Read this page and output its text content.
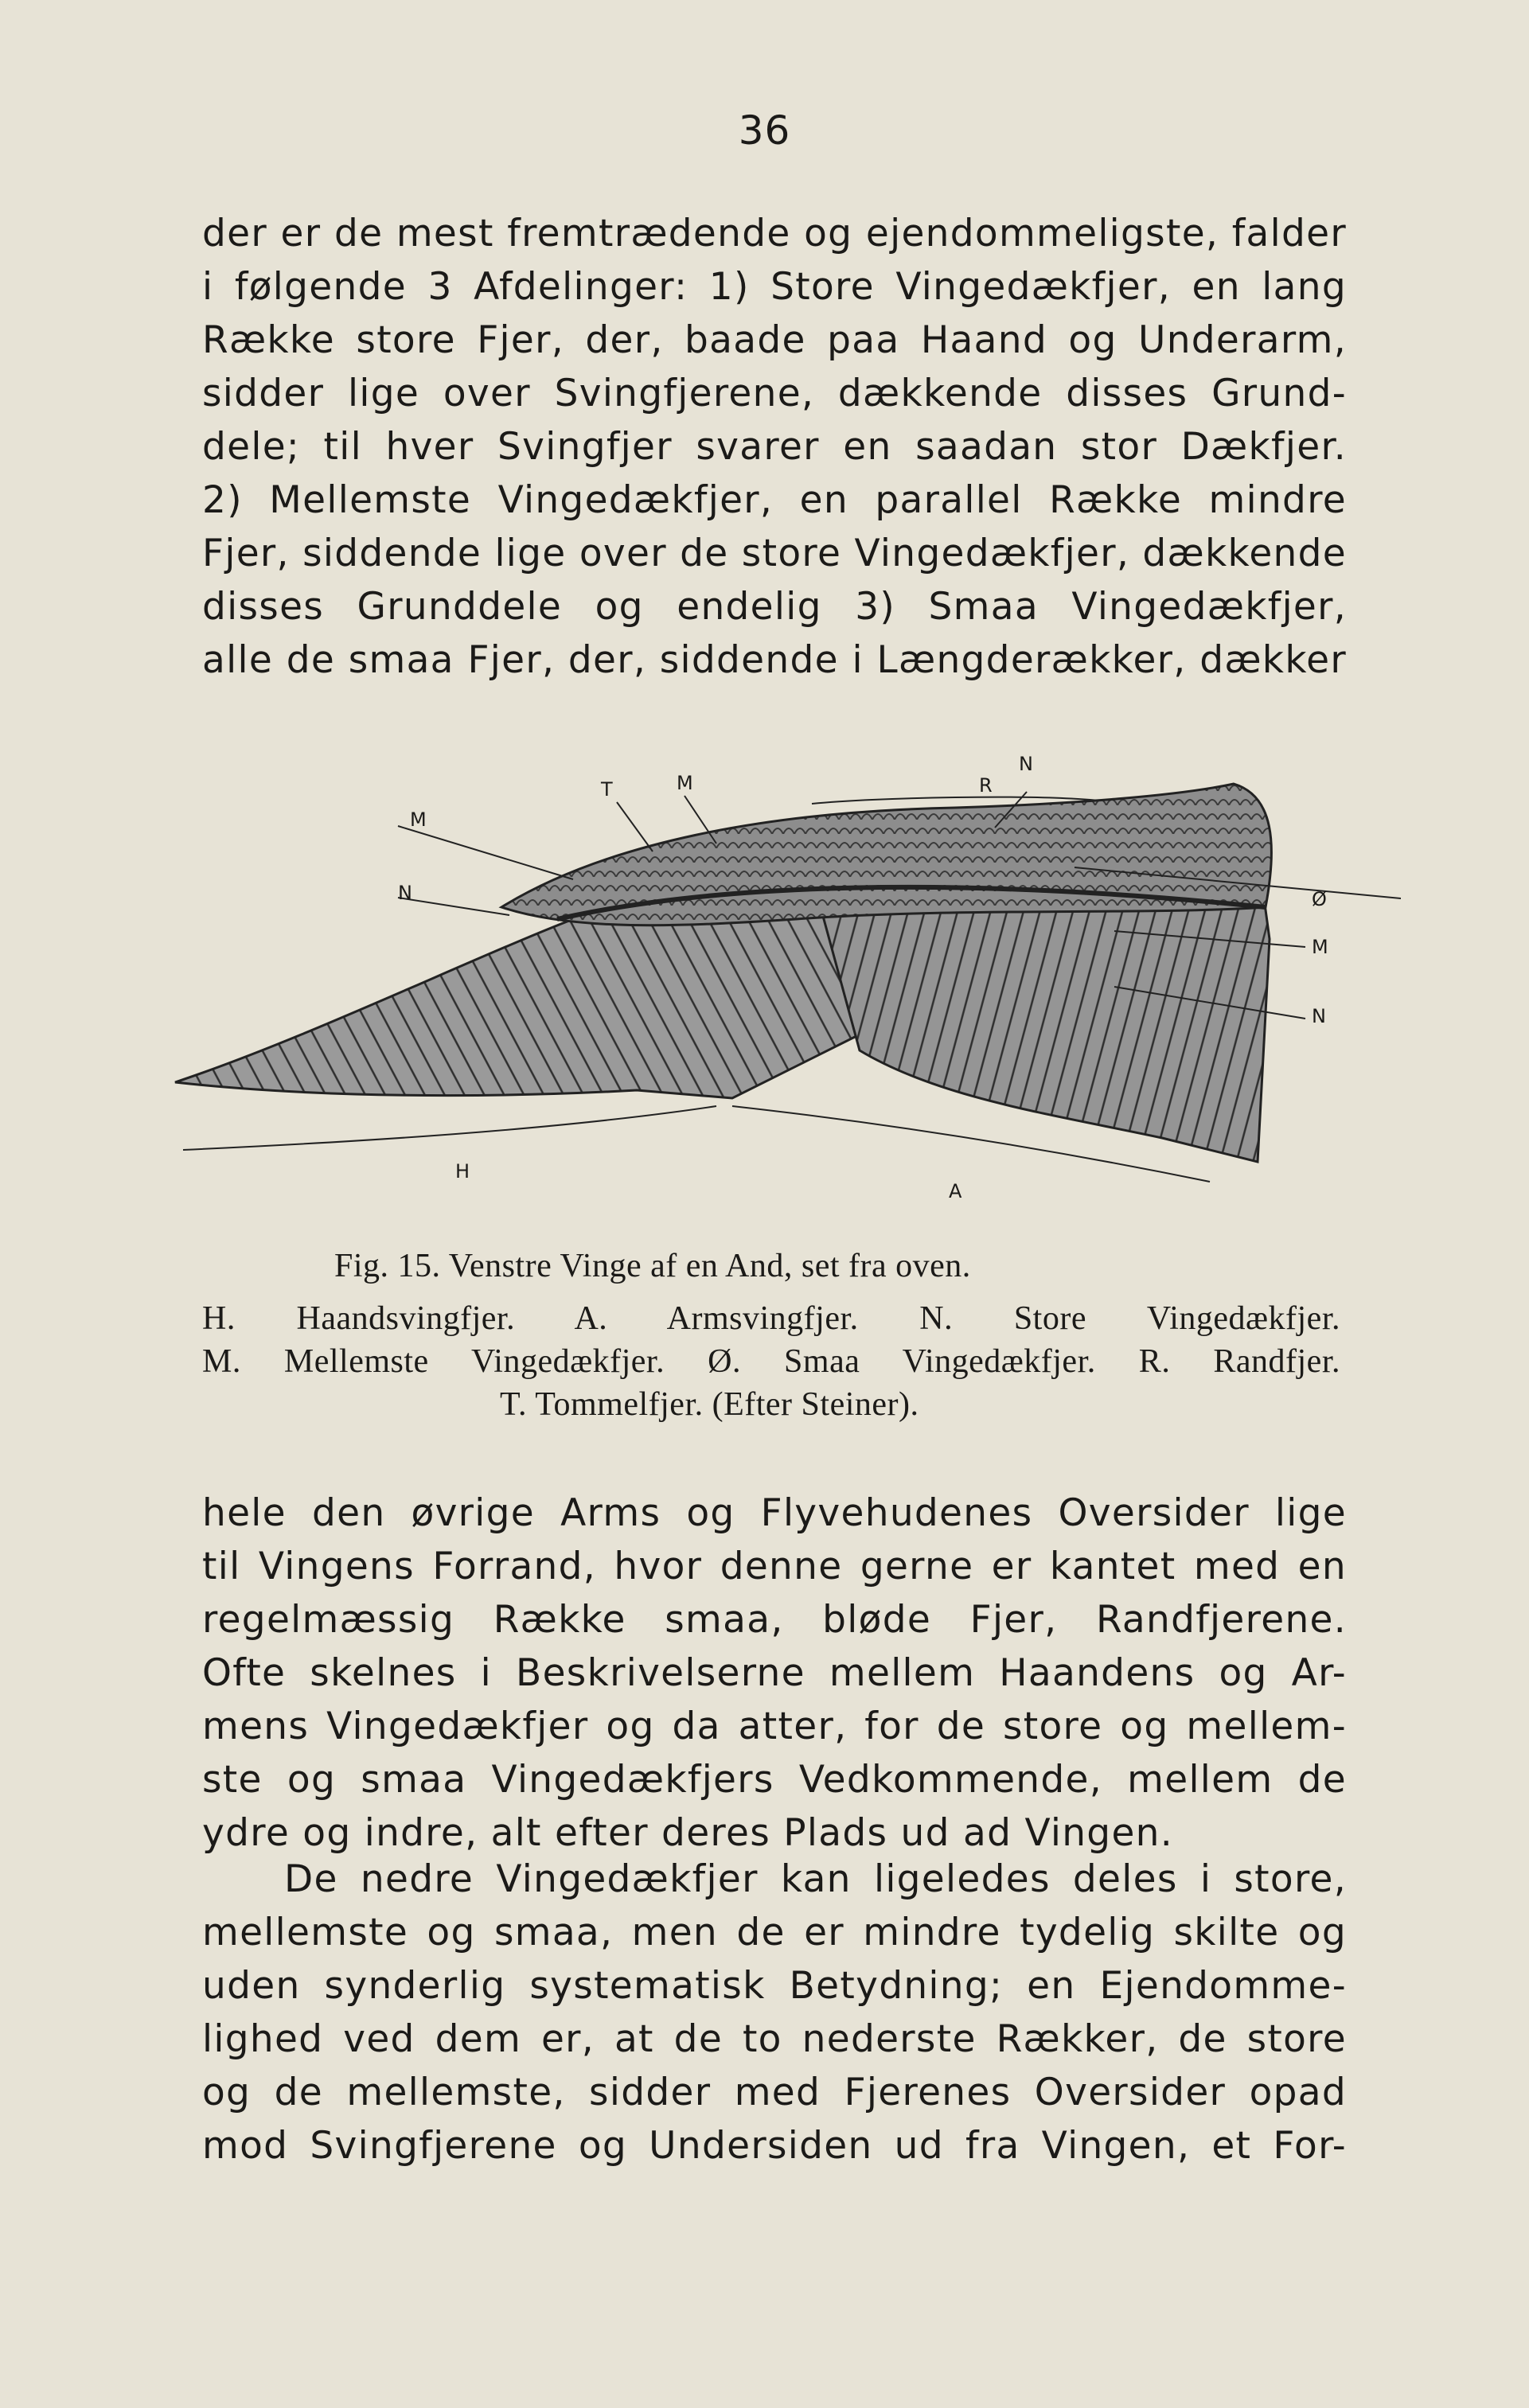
36
der er de mest fremtrædende og ejendommeligste, falder
i følgende 3 Afdelinger: 1) Store Vingedækfjer, en lang
Række store Fjer, der, baade paa Haand og Underarm,
sidder lige over Svingfjerene, dækkende disses Grund-
dele; til hver Svingfjer svarer en saadan stor Dækfjer.
2) Mellemste Vingedækfjer, en parallel Række mindre
Fjer, siddende lige over de store Vingedækfjer, dækkende
disses Grunddele og endelig 3) Smaa Vingedækfjer,
alle de smaa Fjer, der, siddende i Længderækker, dækker
M
N
T	M	R
N
Ø
M
N
H
A
Fig. 15. Venstre Vinge af en And, set fra oven.
H. Haandsvingfjer. A. Armsvingfjer. N. Store Vingedækfjer.
M. Mellemste Vingedækfjer. Ø. Smaa Vingedækfjer. R. Randfjer.
T. Tommelfjer. (Efter Steiner).
hele den øvrige Arms og Flyvehudenes Oversider lige
til Vingens Forrand, hvor denne gerne er kantet med en
regelmæssig Række smaa, bløde Fjer, Randfjerene.
Ofte skelnes i Beskrivelserne mellem Haandens og Ar-
mens Vingedækfjer og da atter, for de store og mellem-
ste og smaa Vingedækfjers Vedkommende, mellem de
ydre og indre, alt efter deres Plads ud ad Vingen.
De nedre Vingedækfjer kan ligeledes deles i store,
mellemste og smaa, men de er mindre tydelig skilte og
uden synderlig systematisk Betydning; en Ejendomme-
lighed ved dem er, at de to nederste Rækker, de store
og de mellemste, sidder med Fjerenes Oversider opad
mod Svingfjerene og Undersiden ud fra Vingen, et For-
